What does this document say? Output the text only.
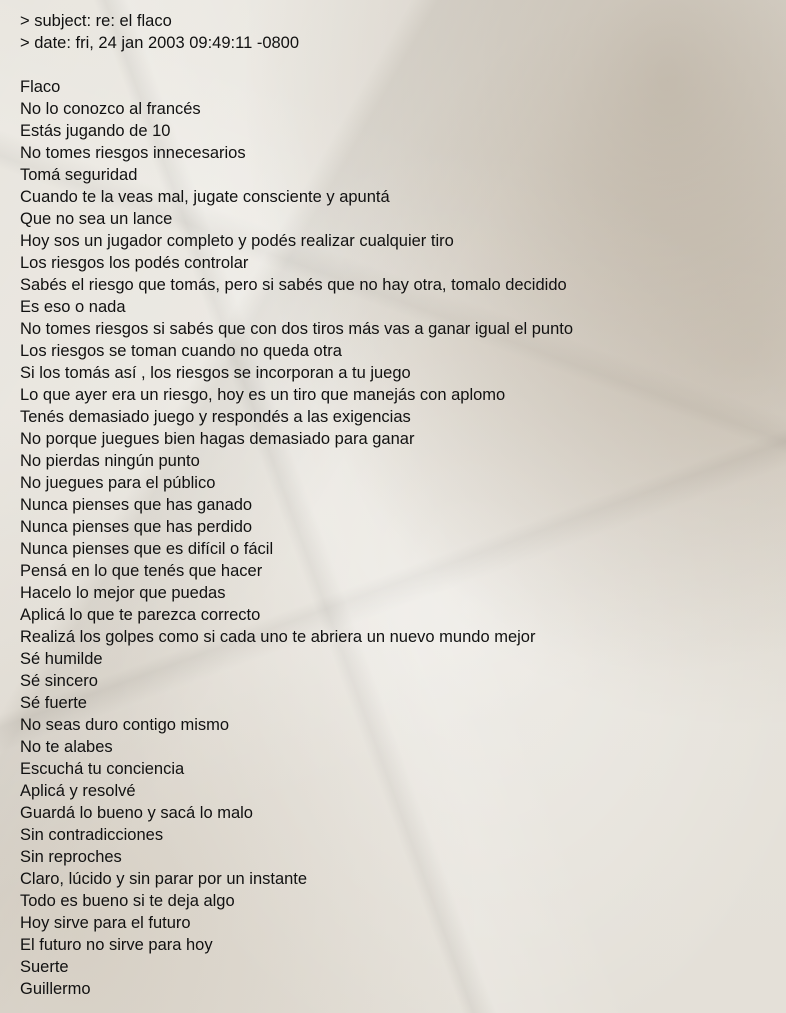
> subject: re: el flaco
> date: fri, 24 jan 2003 09:49:11 -0800
Flaco
No lo conozco al francés
Estás jugando de 10
No tomes riesgos innecesarios
Tomá seguridad
Cuando te la veas mal, jugate consciente y apuntá
Que no sea un lance
Hoy sos un jugador completo y podés realizar cualquier tiro
Los riesgos los podés controlar
Sabés el riesgo que tomás, pero si sabés que no hay otra, tomalo decidido
Es eso o nada
No tomes riesgos si sabés que con dos tiros más vas a ganar igual el punto
Los riesgos se toman cuando no queda otra
Si los tomás así , los riesgos se incorporan a tu juego
Lo que ayer era un riesgo, hoy es un tiro que manejás con aplomo
Tenés demasiado juego y respondés a las exigencias
No porque juegues bien hagas demasiado para ganar
No pierdas ningún punto
No juegues para el público
Nunca pienses que has ganado
Nunca pienses que has perdido
Nunca pienses que es difícil o fácil
Pensá en lo que tenés que hacer
Hacelo lo mejor que puedas
Aplicá lo que te parezca correcto
Realizá los golpes como si cada uno te abriera un nuevo mundo mejor
Sé humilde
Sé sincero
Sé fuerte
No seas duro contigo mismo
No te alabes
Escuchá tu conciencia
Aplicá y resolvé
Guardá lo bueno y sacá lo malo
Sin contradicciones
Sin reproches
Claro, lúcido y sin parar por un instante
Todo es bueno si te deja algo
Hoy sirve para el futuro
El futuro no sirve para hoy
Suerte
Guillermo
